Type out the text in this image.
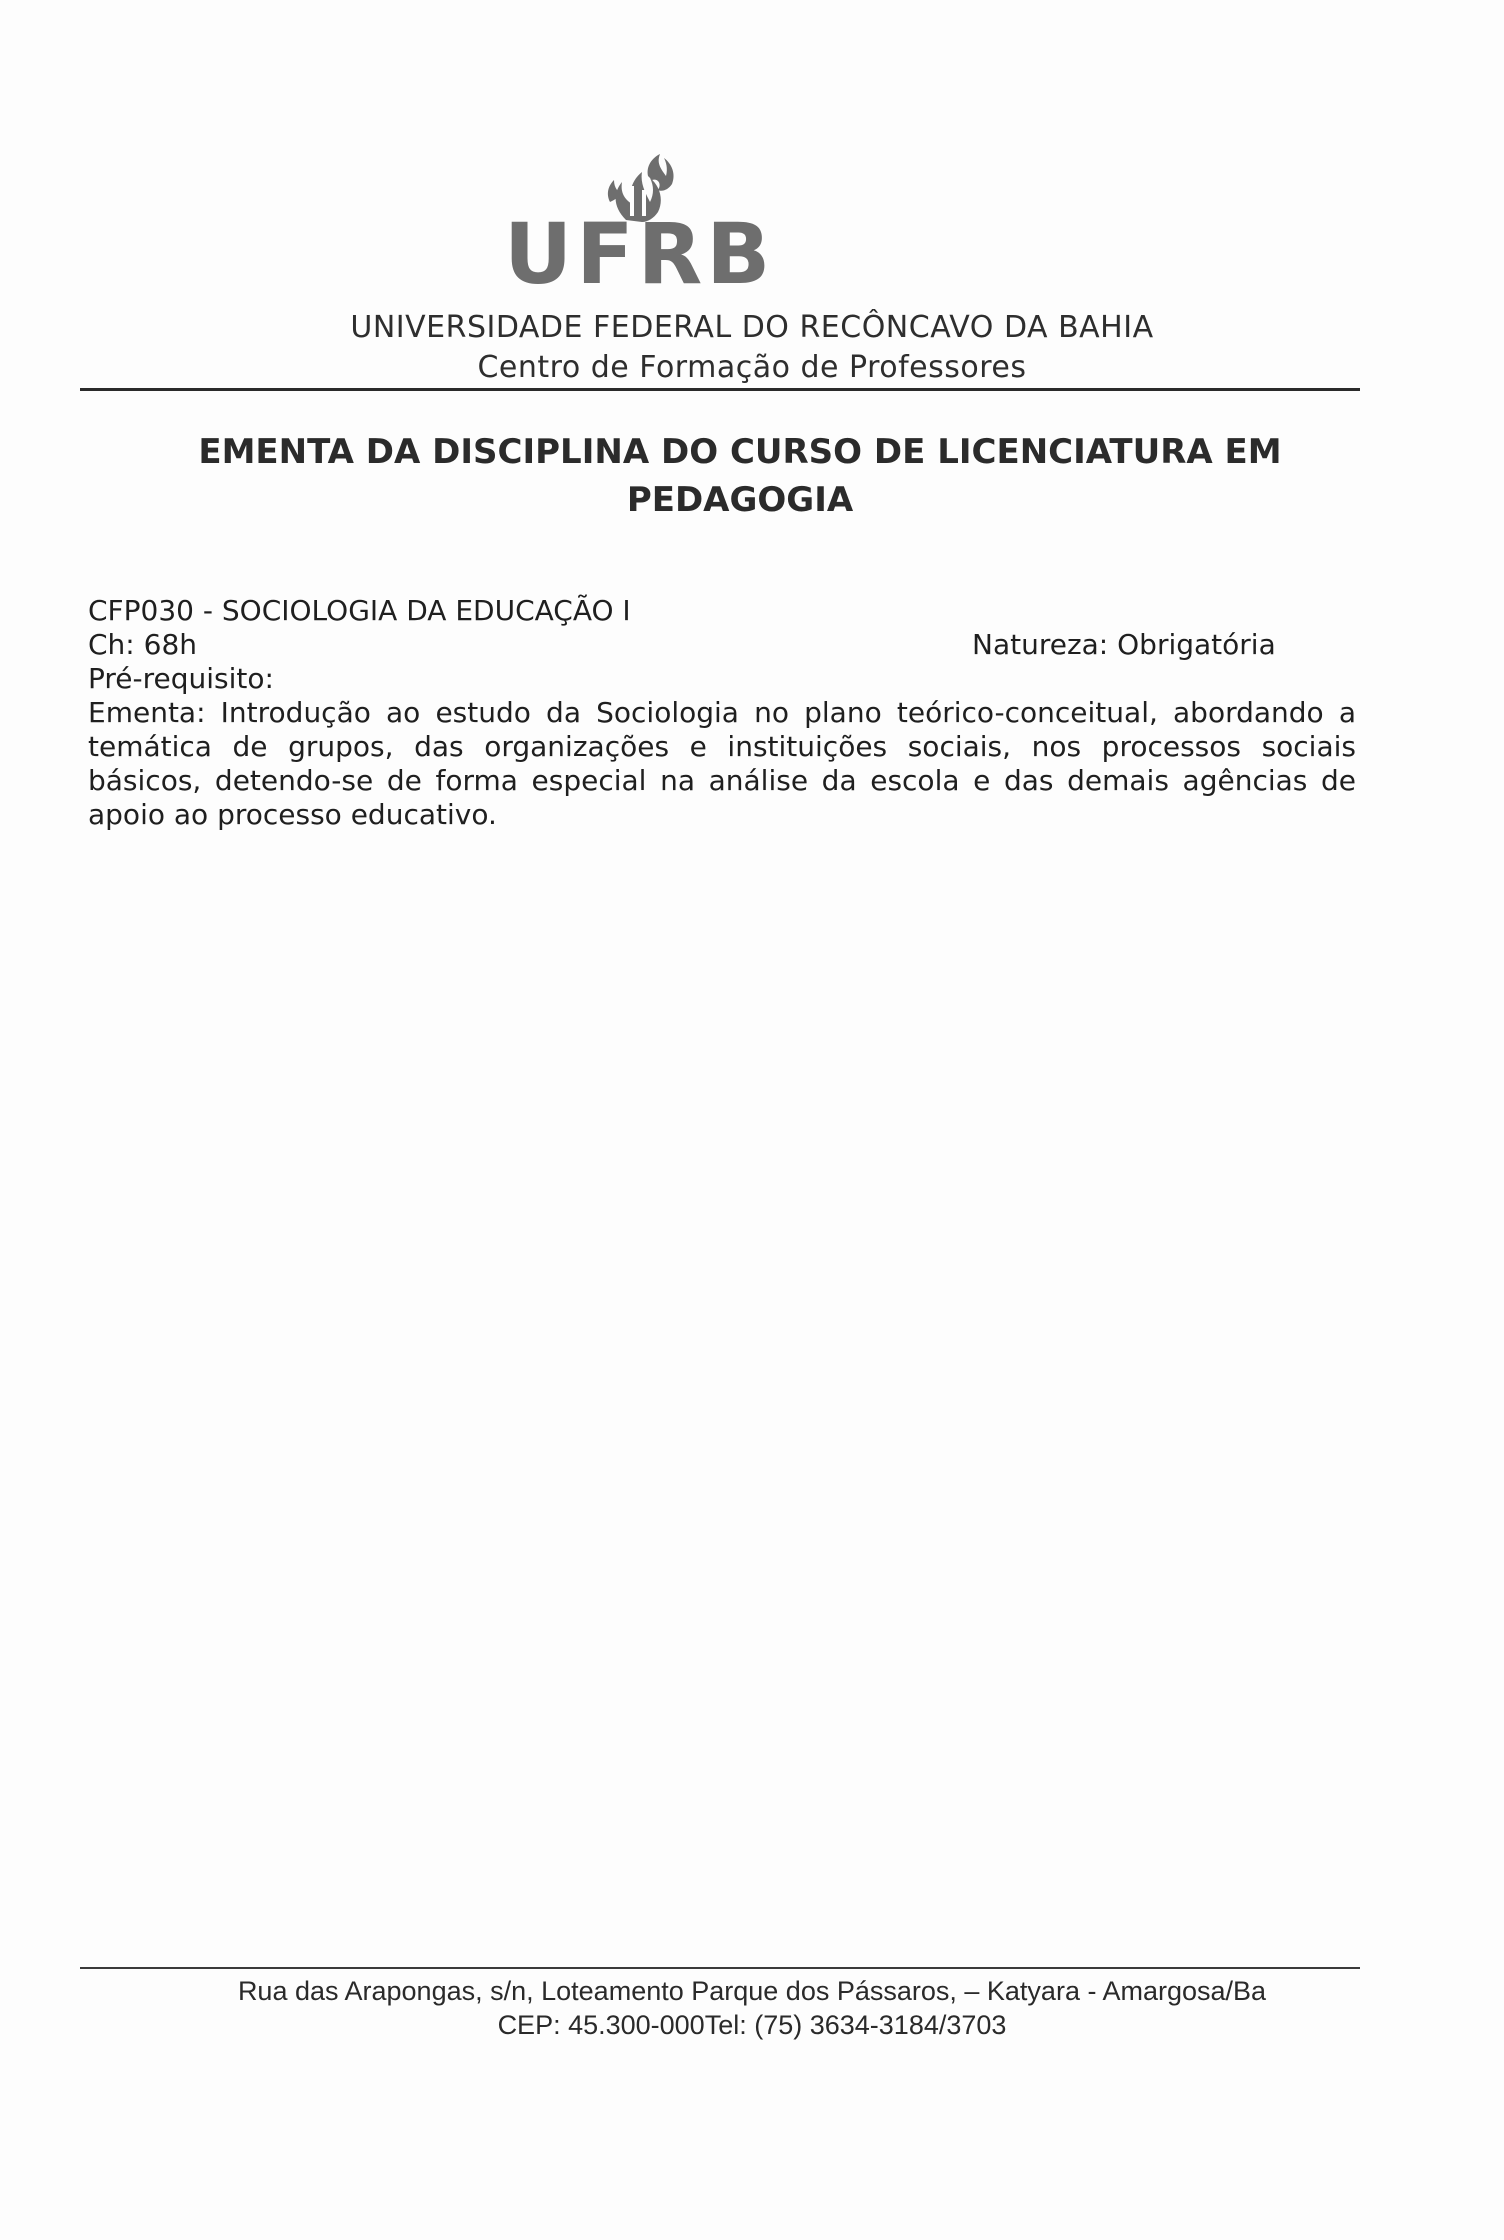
UFRB
UNIVERSIDADE FEDERAL DO RECÔNCAVO DA BAHIA
Centro de Formação de Professores
EMENTA DA DISCIPLINA DO CURSO DE LICENCIATURA EM PEDAGOGIA
CFP030 - SOCIOLOGIA DA EDUCAÇÃO I
Ch: 68h	Natureza: Obrigatória
Pré-requisito:
Ementa: Introdução ao estudo da Sociologia no plano teórico-conceitual, abordando a temática de grupos, das organizações e instituições sociais, nos processos sociais básicos, detendo-se de forma especial na análise da escola e das demais agências de apoio ao processo educativo.
Rua das Arapongas, s/n, Loteamento Parque dos Pássaros, – Katyara - Amargosa/Ba
CEP: 45.300-000Tel: (75) 3634-3184/3703
